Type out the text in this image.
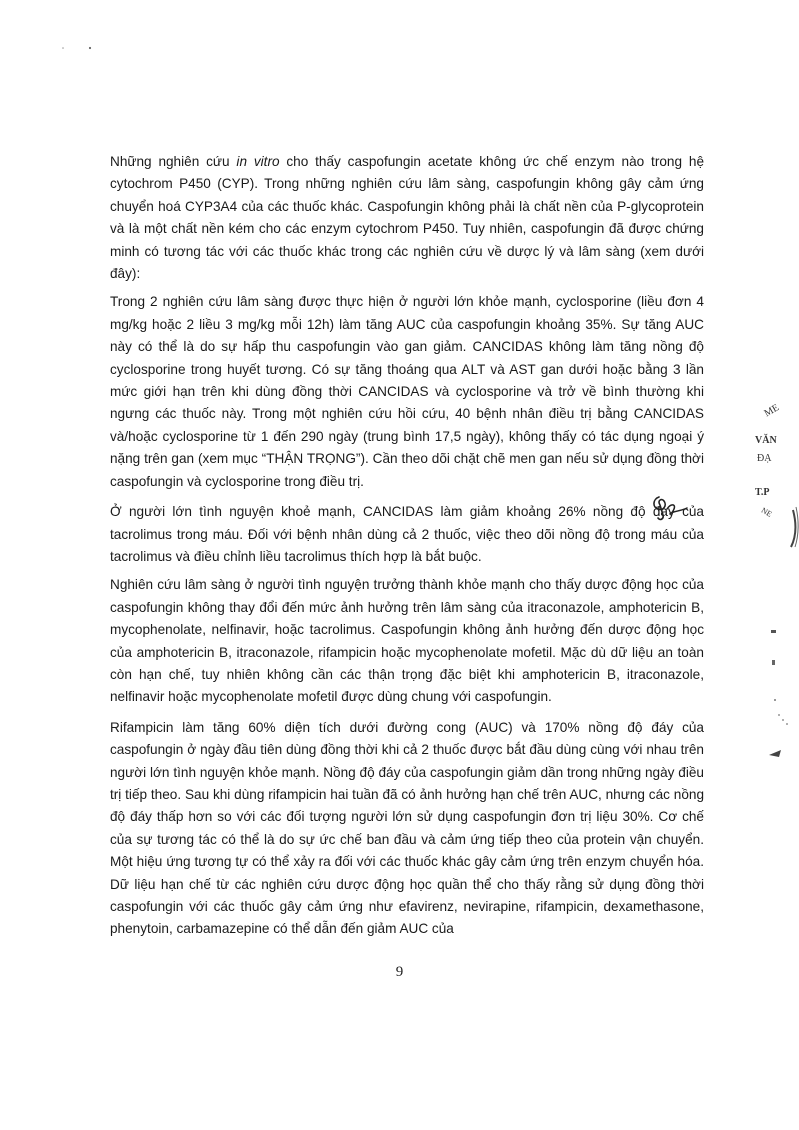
Những nghiên cứu in vitro cho thấy caspofungin acetate không ức chế enzym nào trong hệ cytochrom P450 (CYP). Trong những nghiên cứu lâm sàng, caspofungin không gây cảm ứng chuyển hoá CYP3A4 của các thuốc khác. Caspofungin không phải là chất nền của P-glycoprotein và là một chất nền kém cho các enzym cytochrom P450. Tuy nhiên, caspofungin đã được chứng minh có tương tác với các thuốc khác trong các nghiên cứu về dược lý và lâm sàng (xem dưới đây):

Trong 2 nghiên cứu lâm sàng được thực hiện ở người lớn khỏe mạnh, cyclosporine (liều đơn 4 mg/kg hoặc 2 liều 3 mg/kg mỗi 12h) làm tăng AUC của caspofungin khoảng 35%. Sự tăng AUC này có thể là do sự hấp thu caspofungin vào gan giảm. CANCIDAS không làm tăng nồng độ cyclosporine trong huyết tương. Có sự tăng thoáng qua ALT và AST gan dưới hoặc bằng 3 lần mức giới hạn trên khi dùng đồng thời CANCIDAS và cyclosporine và trở về bình thường khi ngưng các thuốc này. Trong một nghiên cứu hồi cứu, 40 bệnh nhân điều trị bằng CANCIDAS và/hoặc cyclosporine từ 1 đến 290 ngày (trung bình 17,5 ngày), không thấy có tác dụng ngoại ý nặng trên gan (xem mục “THẬN TRỌNG”). Cần theo dõi chặt chẽ men gan nếu sử dụng đồng thời caspofungin và cyclosporine trong điều trị.

Ở người lớn tình nguyện khoẻ mạnh, CANCIDAS làm giảm khoảng 26% nồng độ đáy của tacrolimus trong máu. Đối với bệnh nhân dùng cả 2 thuốc, việc theo dõi nồng độ trong máu của tacrolimus và điều chỉnh liều tacrolimus thích hợp là bắt buộc.

Nghiên cứu lâm sàng ở người tình nguyện trưởng thành khỏe mạnh cho thấy dược động học của caspofungin không thay đổi đến mức ảnh hưởng trên lâm sàng của itraconazole, amphotericin B, mycophenolate, nelfinavir, hoặc tacrolimus. Caspofungin không ảnh hưởng đến dược động học của amphotericin B, itraconazole, rifampicin hoặc mycophenolate mofetil. Mặc dù dữ liệu an toàn còn hạn chế, tuy nhiên không cần các thận trọng đặc biệt khi amphotericin B, itraconazole, nelfinavir hoặc mycophenolate mofetil được dùng chung với caspofungin.

Rifampicin làm tăng 60% diện tích dưới đường cong (AUC) và 170% nồng độ đáy của caspofungin ở ngày đầu tiên dùng đồng thời khi cả 2 thuốc được bắt đầu dùng cùng với nhau trên người lớn tình nguyện khỏe mạnh. Nồng độ đáy của caspofungin giảm dần trong những ngày điều trị tiếp theo. Sau khi dùng rifampicin hai tuần đã có ảnh hưởng hạn chế trên AUC, nhưng các nồng độ đáy thấp hơn so với các đối tượng người lớn sử dụng caspofungin đơn trị liệu 30%. Cơ chế của sự tương tác có thể là do sự ức chế ban đầu và cảm ứng tiếp theo của protein vận chuyển. Một hiệu ứng tương tự có thể xảy ra đối với các thuốc khác gây cảm ứng trên enzym chuyển hóa. Dữ liệu hạn chế từ các nghiên cứu dược động học quần thể cho thấy rằng sử dụng đồng thời caspofungin với các thuốc gây cảm ứng như efavirenz, nevirapine, rifampicin, dexamethasone, phenytoin, carbamazepine có thể dẫn đến giảm AUC của

ME
VĂN
ĐẠ
T.P
NE
9
